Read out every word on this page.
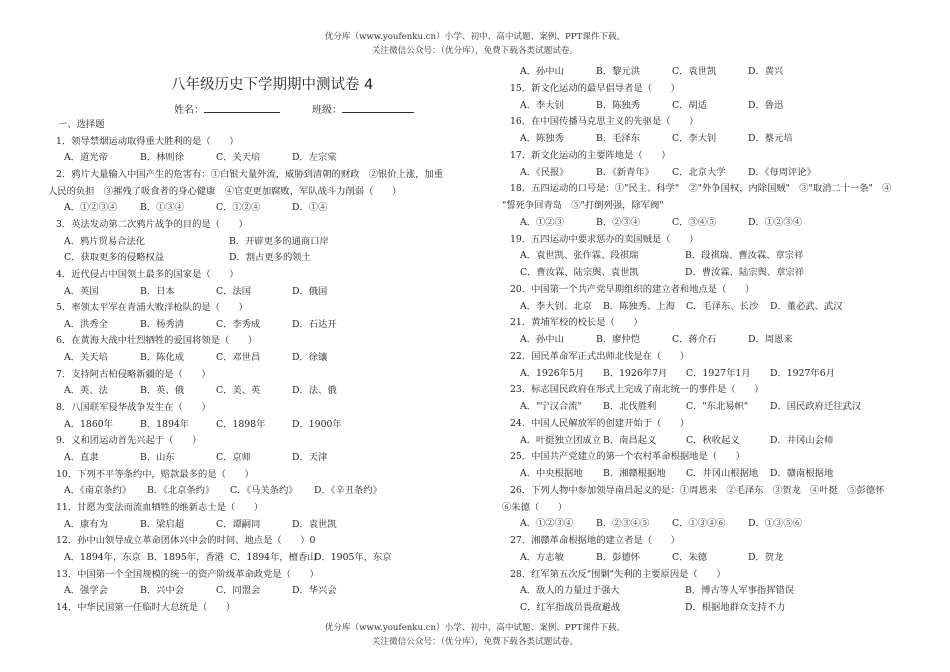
优分库（www.youfenku.cn）小学、初中、高中试题、案例、PPT课件下载。
关注微信公众号：（优分库），免费下载各类试题试卷。
八年级历史下学期期中测试卷 4
姓名：	班级：
一、选择题
1．领导禁烟运动取得重大胜利的是（　　）
A．道光帝	B．林则徐	C．关天培	D．左宗棠
2．鸦片大量输入中国产生的危害有：①白银大量外流，威胁到清朝的财政　②银价上涨，加重
人民的负担　③摧残了吸食者的身心健康　④官吏更加腐败，军队战斗力削弱（　　）
A．①②③④ B．①③④	C．①②④	D．①④
3．英法发动第二次鸦片战争的目的是（　　）
A．鸦片贸易合法化	B．开辟更多的通商口岸
C．获取更多的侵略权益	D．割占更多的领土
4．近代侵占中国领土最多的国家是（　　）
A．英国	B．日本	C．法国	D．俄国
5．率领太平军在青浦大败洋枪队的是（　　）
A．洪秀全	B．杨秀清	C．李秀成	D．石达开
6．在黄海大战中壮烈牺牲的爱国将领是（　　）
A．关天培	B．陈化成	C．邓世昌	D．徐镶
7．支持阿古柏侵略新疆的是（　　）
A．英、法	B．英、俄	C．美、英	D．法、俄
8．八国联军侵华战争发生在（　　）
A．1860年	B．1894年	C．1898年	D．1900年
9．义和团运动首先兴起于（　　）
A．直隶	B．山东	C．京师	D．天津
10．下列不平等条约中，赔款最多的是（　　）
A．《南京条约》 B．《北京条约》 C．《马关条约》 D．《辛丑条约》
11．甘愿为变法而流血牺牲的维新志士是（　　）
A．康有为	B．梁启超	C．谭嗣同	D．袁世凯
12．孙中山领导成立革命团体兴中会的时间、地点是（　　）0
A．1894年，东京 B．1895年，香港 C．1894年，檀香山
D．1905年，东京
13．中国第一个全国规模的统一的资产阶级革命政党是（　　）
A．强学会	B．兴中会	C．同盟会	D．华兴会
14．中华民国第一任临时大总统是（　　）
A．孙中山	B．黎元洪	C．袁世凯	D．黄兴
15．新文化运动的最早倡导者是（　　）
A．李大钊	B．陈独秀	C．胡适	D．鲁迅
16．在中国传播马克思主义的先驱是（　　）
A．陈独秀	B．毛泽东	C．李大钊	D．蔡元培
17．新文化运动的主要阵地是（　　）
A．《民报》	B．《新青年》 C．北京大学 D．《每周评论》
18．五四运动的口号是：①"民主、科学"　②"外争国权，内除国贼"　③"取消二十一条"　④
"誓死争回青岛　⑤"打倒列强，除军阀"
A．①②③	B．②③④	C．③④⑤	D．①②③④
19．五四运动中要求惩办的卖国贼是（　　）
A．袁世凯、张作霖、段祺瑞	B．段祺瑞、曹汝霖、章宗祥
C．曹汝霖、陆宗舆、袁世凯	D．曹汝霖、陆宗舆、章宗祥
20．中国第一个共产党早期组织的建立者和地点是（　　）
A．李大钊、北京 B．陈独秀、上海 C．毛泽东、长沙 D．董必武、武汉
21．黄埔军校的校长是（　　）
A．孙中山	B．廖仲恺	C．蒋介石	D．周恩来
22．国民革命军正式出师北伐是在（　　）
A．1926年5月 B．1926年7月 C．1927年1月 D．1927年6月
23．标志国民政府在形式上完成了南北统一的事件是（　　）
A．"宁汉合流" B．北伐胜利	C．"东北易帜" D．国民政府迁往武汉
24．中国人民解放军的创建开始于（　　）
A．叶挺独立团成立 B．南昌起义	C．秋收起义	D．井冈山会师
25．中国共产党建立的第一个农村革命根据地是（　　）
A．中央根据地 B．湘赣根据地 C．井冈山根据地 D．赣南根据地
26．下列人物中参加领导南昌起义的是：①周恩来　②毛泽东　③贺龙　④叶挺　⑤彭德怀
⑥朱德（　　）
A．①②③④ B．②③④⑤ C．①③④⑥ D．①③⑤⑥
27．湘赣革命根据地的建立者是（　　）
A．方志敏	B．彭德怀	C．朱德	D．贺龙
28．红军第五次反"围剿"失利的主要原因是（　　）
A．敌人的力量过于强大	B．博古等人军事指挥错误
C．红军指战员畏敌避战	D．根据地群众支持不力
优分库（www.youfenku.cn）小学、初中、高中试题、案例、PPT课件下载。
关注微信公众号：（优分库），免费下载各类试题试卷。
